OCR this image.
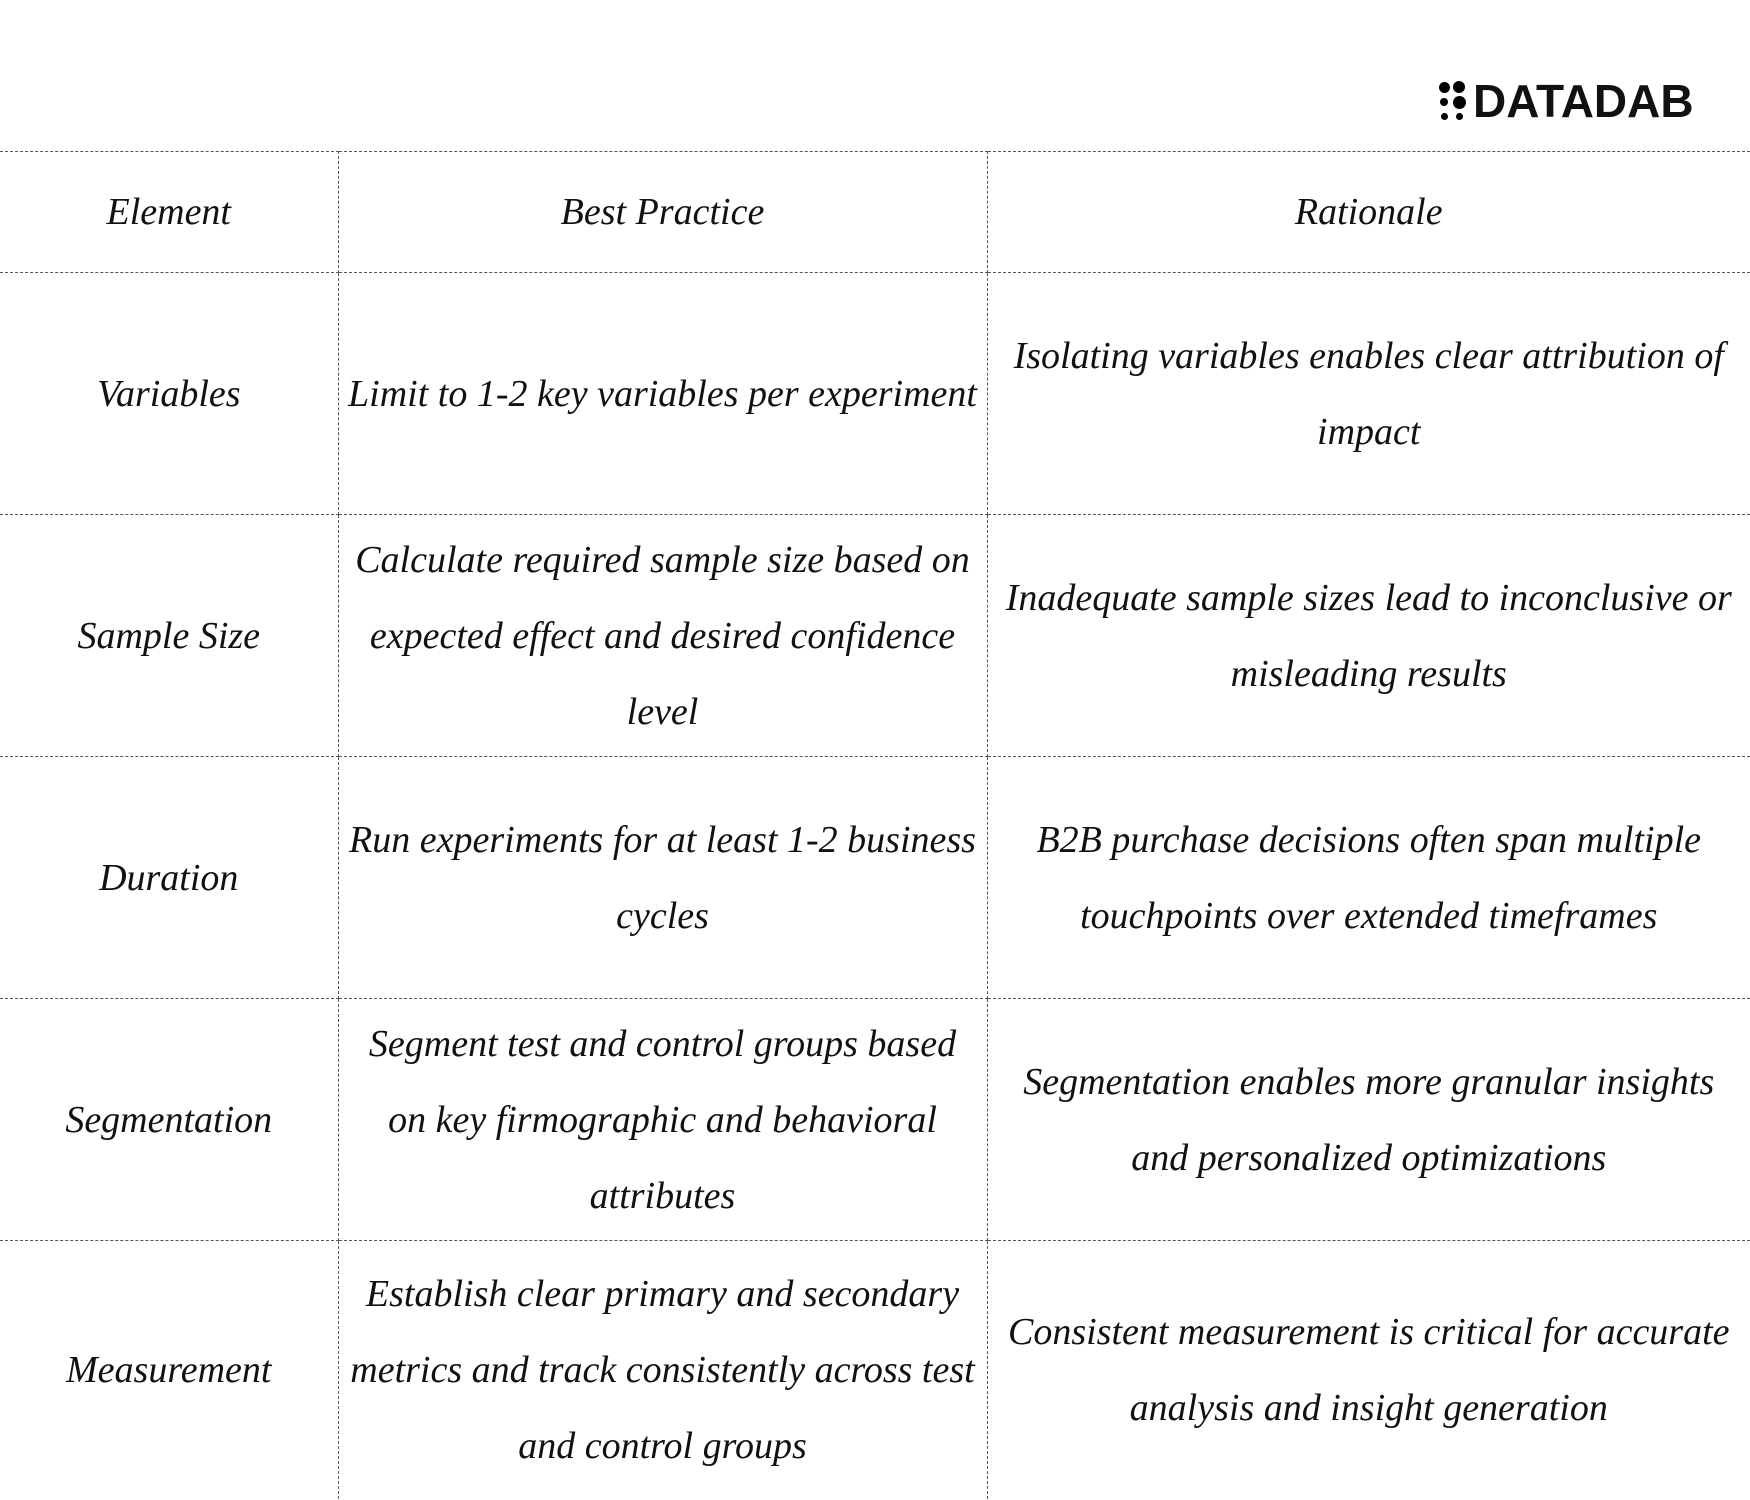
DATADAB
Element	Best Practice	Rationale
Variables	Limit to 1-2 key variables per experiment	Isolating variables enables clear attribution of impact
Sample Size	Calculate required sample size based on expected effect and desired confidence level	Inadequate sample sizes lead to inconclusive or misleading results
Duration	Run experiments for at least 1-2 business cycles	B2B purchase decisions often span multiple touchpoints over extended timeframes
Segmentation	Segment test and control groups based on key firmographic and behavioral attributes	Segmentation enables more granular insights and personalized optimizations
Measurement	Establish clear primary and secondary metrics and track consistently across test and control groups	Consistent measurement is critical for accurate analysis and insight generation
